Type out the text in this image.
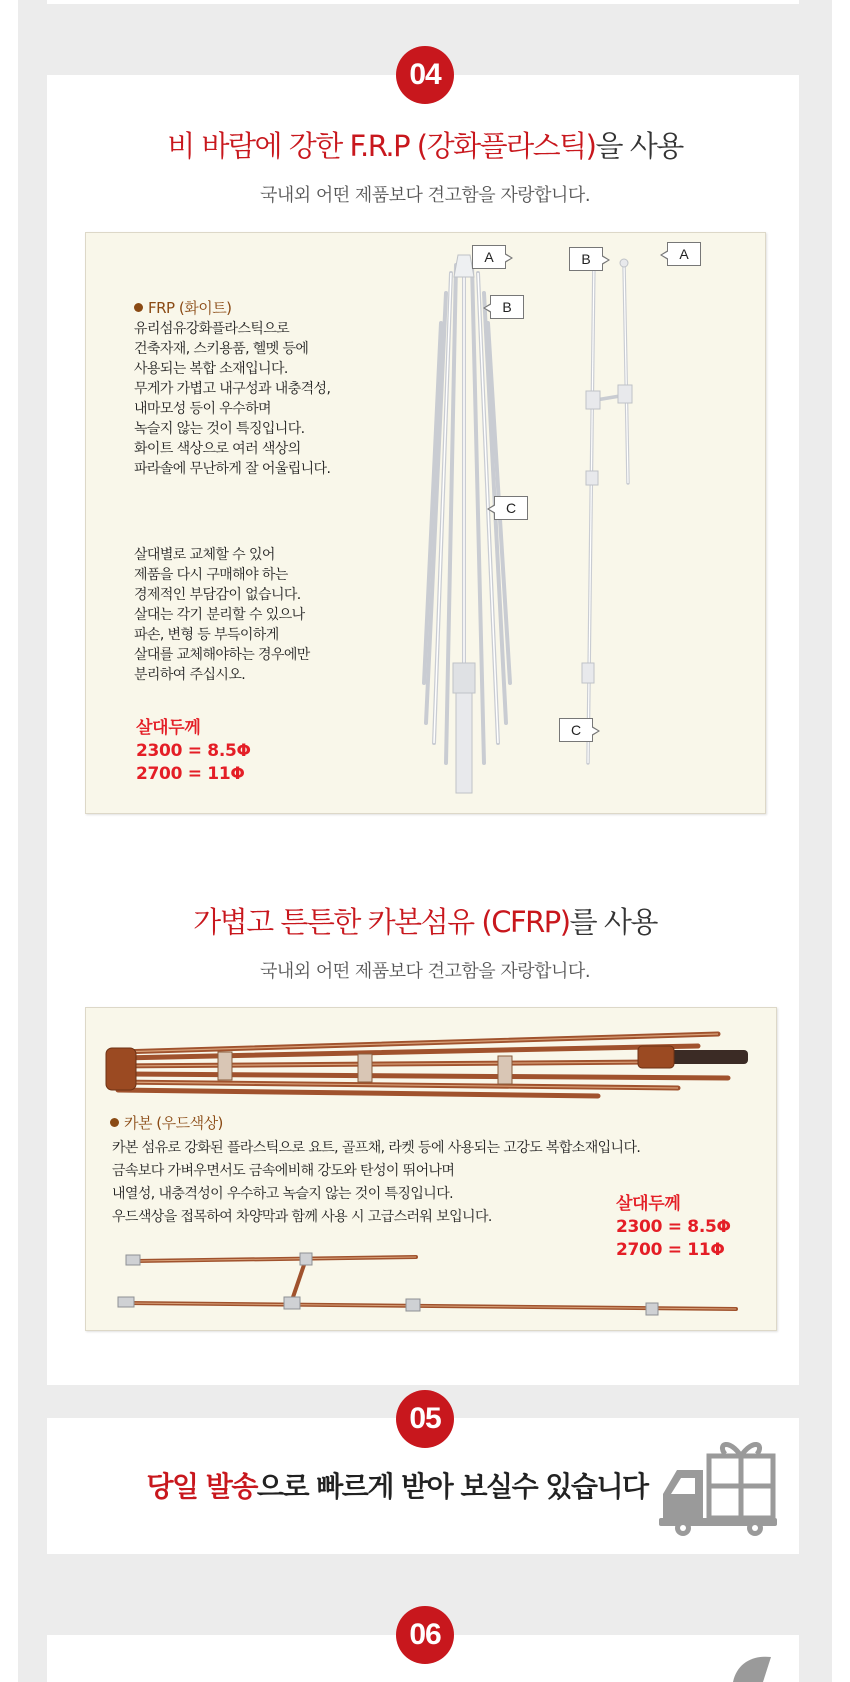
04
비 바람에 강한 F.R.P (강화플라스틱)을 사용
국내외 어떤 제품보다 견고함을 자랑합니다.
FRP (화이트)
유리섬유강화플라스틱으로
건축자재, 스키용품, 헬멧 등에
사용되는 복합 소재입니다.
무게가 가볍고 내구성과 내충격성,
내마모성 등이 우수하며
녹슬지 않는 것이 특징입니다.
화이트 색상으로 여러 색상의
파라솔에 무난하게 잘 어울립니다.
살대별로 교체할 수 있어
제품을 다시 구매해야 하는
경제적인 부담감이 없습니다.
살대는 각기 분리할 수 있으나
파손, 변형 등 부득이하게
살대를 교체해야하는 경우에만
분리하여 주십시오.
살대두께
2300 = 8.5Φ
2700 = 11Φ
A
B
C
B	A
C
가볍고 튼튼한 카본섬유 (CFRP)를 사용
국내외 어떤 제품보다 견고함을 자랑합니다.
카본 (우드색상)
카본 섬유로 강화된 플라스틱으로 요트, 골프채, 라켓 등에 사용되는 고강도 복합소재입니다.
금속보다 가벼우면서도 금속에비해 강도와 탄성이 뛰어나며
내열성, 내충격성이 우수하고 녹슬지 않는 것이 특징입니다.
우드색상을 접목하여 차양막과 함께 사용 시 고급스러워 보입니다.
살대두께
2300 = 8.5Φ
2700 = 11Φ
당일 발송으로 빠르게 받아 보실수 있습니다
05
06
